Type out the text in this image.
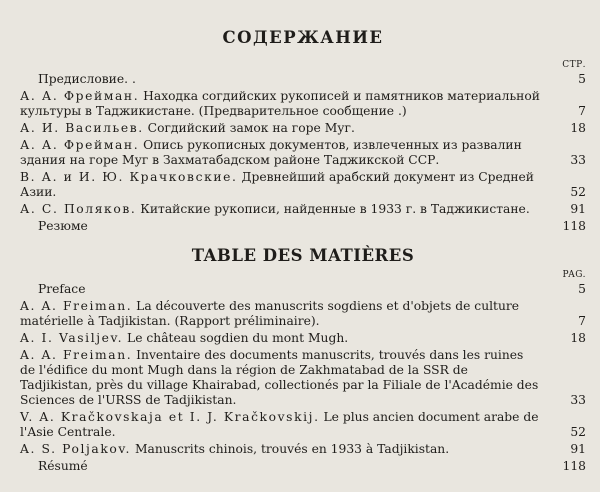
СОДЕРЖАНИЕ
СТР.
Предисловие. .	5
А. А. Фрейман. Находка согдийских рукописей и памятников материальной культуры в Таджикистане. (Предварительное сообщение .)	7
А. И. Васильев. Согдийский замок на горе Муг.	18
А. А. Фрейман. Опись рукописных документов, извлеченных из развалин здания на горе Муг в Захматабадском районе Таджикской ССР.	33
В. А. и И. Ю. Крачковские. Древнейший арабский документ из Средней Азии.	52
А. С. Поляков. Китайские рукописи, найденные в 1933 г. в Таджикистане.	91
Резюме	118
TABLE DES MATIÈRES
PAG.
Preface	5
A. A. Freiman. La découverte des manuscrits sogdiens et d'objets de culture matérielle à Tadjikistan. (Rapport préliminaire).	7
A. I. Vasiljev. Le château sogdien du mont Mugh.	18
A. A. Freiman. Inventaire des documents manuscrits, trouvés dans les ruines de l'édifice du mont Mugh dans la région de Zakhmatabad de la SSR de Tadjikistan, près du village Khairabad, collectionés par la Filiale de l'Académie des Sciences de l'URSS de Tadjikistan.	33
V. A. Kračkovskaja et I. J. Kračkovskij. Le plus ancien document arabe de l'Asie Centrale.	52
A. S. Poljakov. Manuscrits chinois, trouvés en 1933 à Tadjikistan.	91
Résumé	118
